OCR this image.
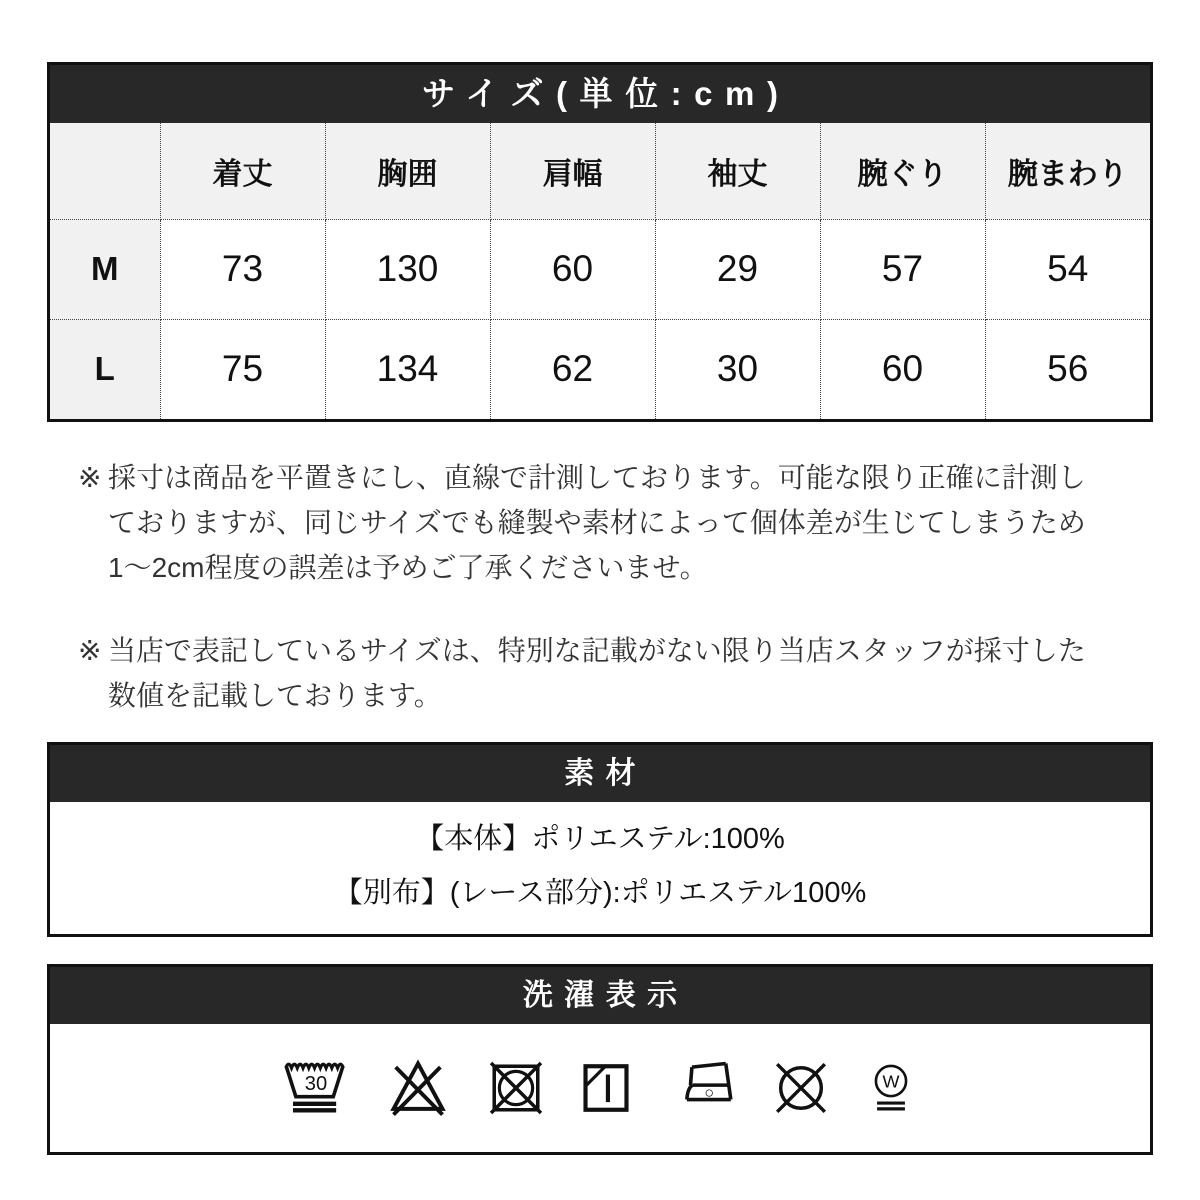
サイズ(単位:cm)
	着丈	胸囲	肩幅	袖丈	腕ぐり	腕まわり
M	73	130	60	29	57	54
L	75	134	62	30	60	56
※ 採寸は商品を平置きにし、直線で計測しております。可能な限り正確に計測し
ておりますが、同じサイズでも縫製や素材によって個体差が生じてしまうため
1〜2cm程度の誤差は予めご了承くださいませ。
※ 当店で表記しているサイズは、特別な記載がない限り当店スタッフが採寸した
数値を記載しております。
素材
【本体】ポリエステル:100%
【別布】(レース部分):ポリエステル100%
洗濯表示
30	W
